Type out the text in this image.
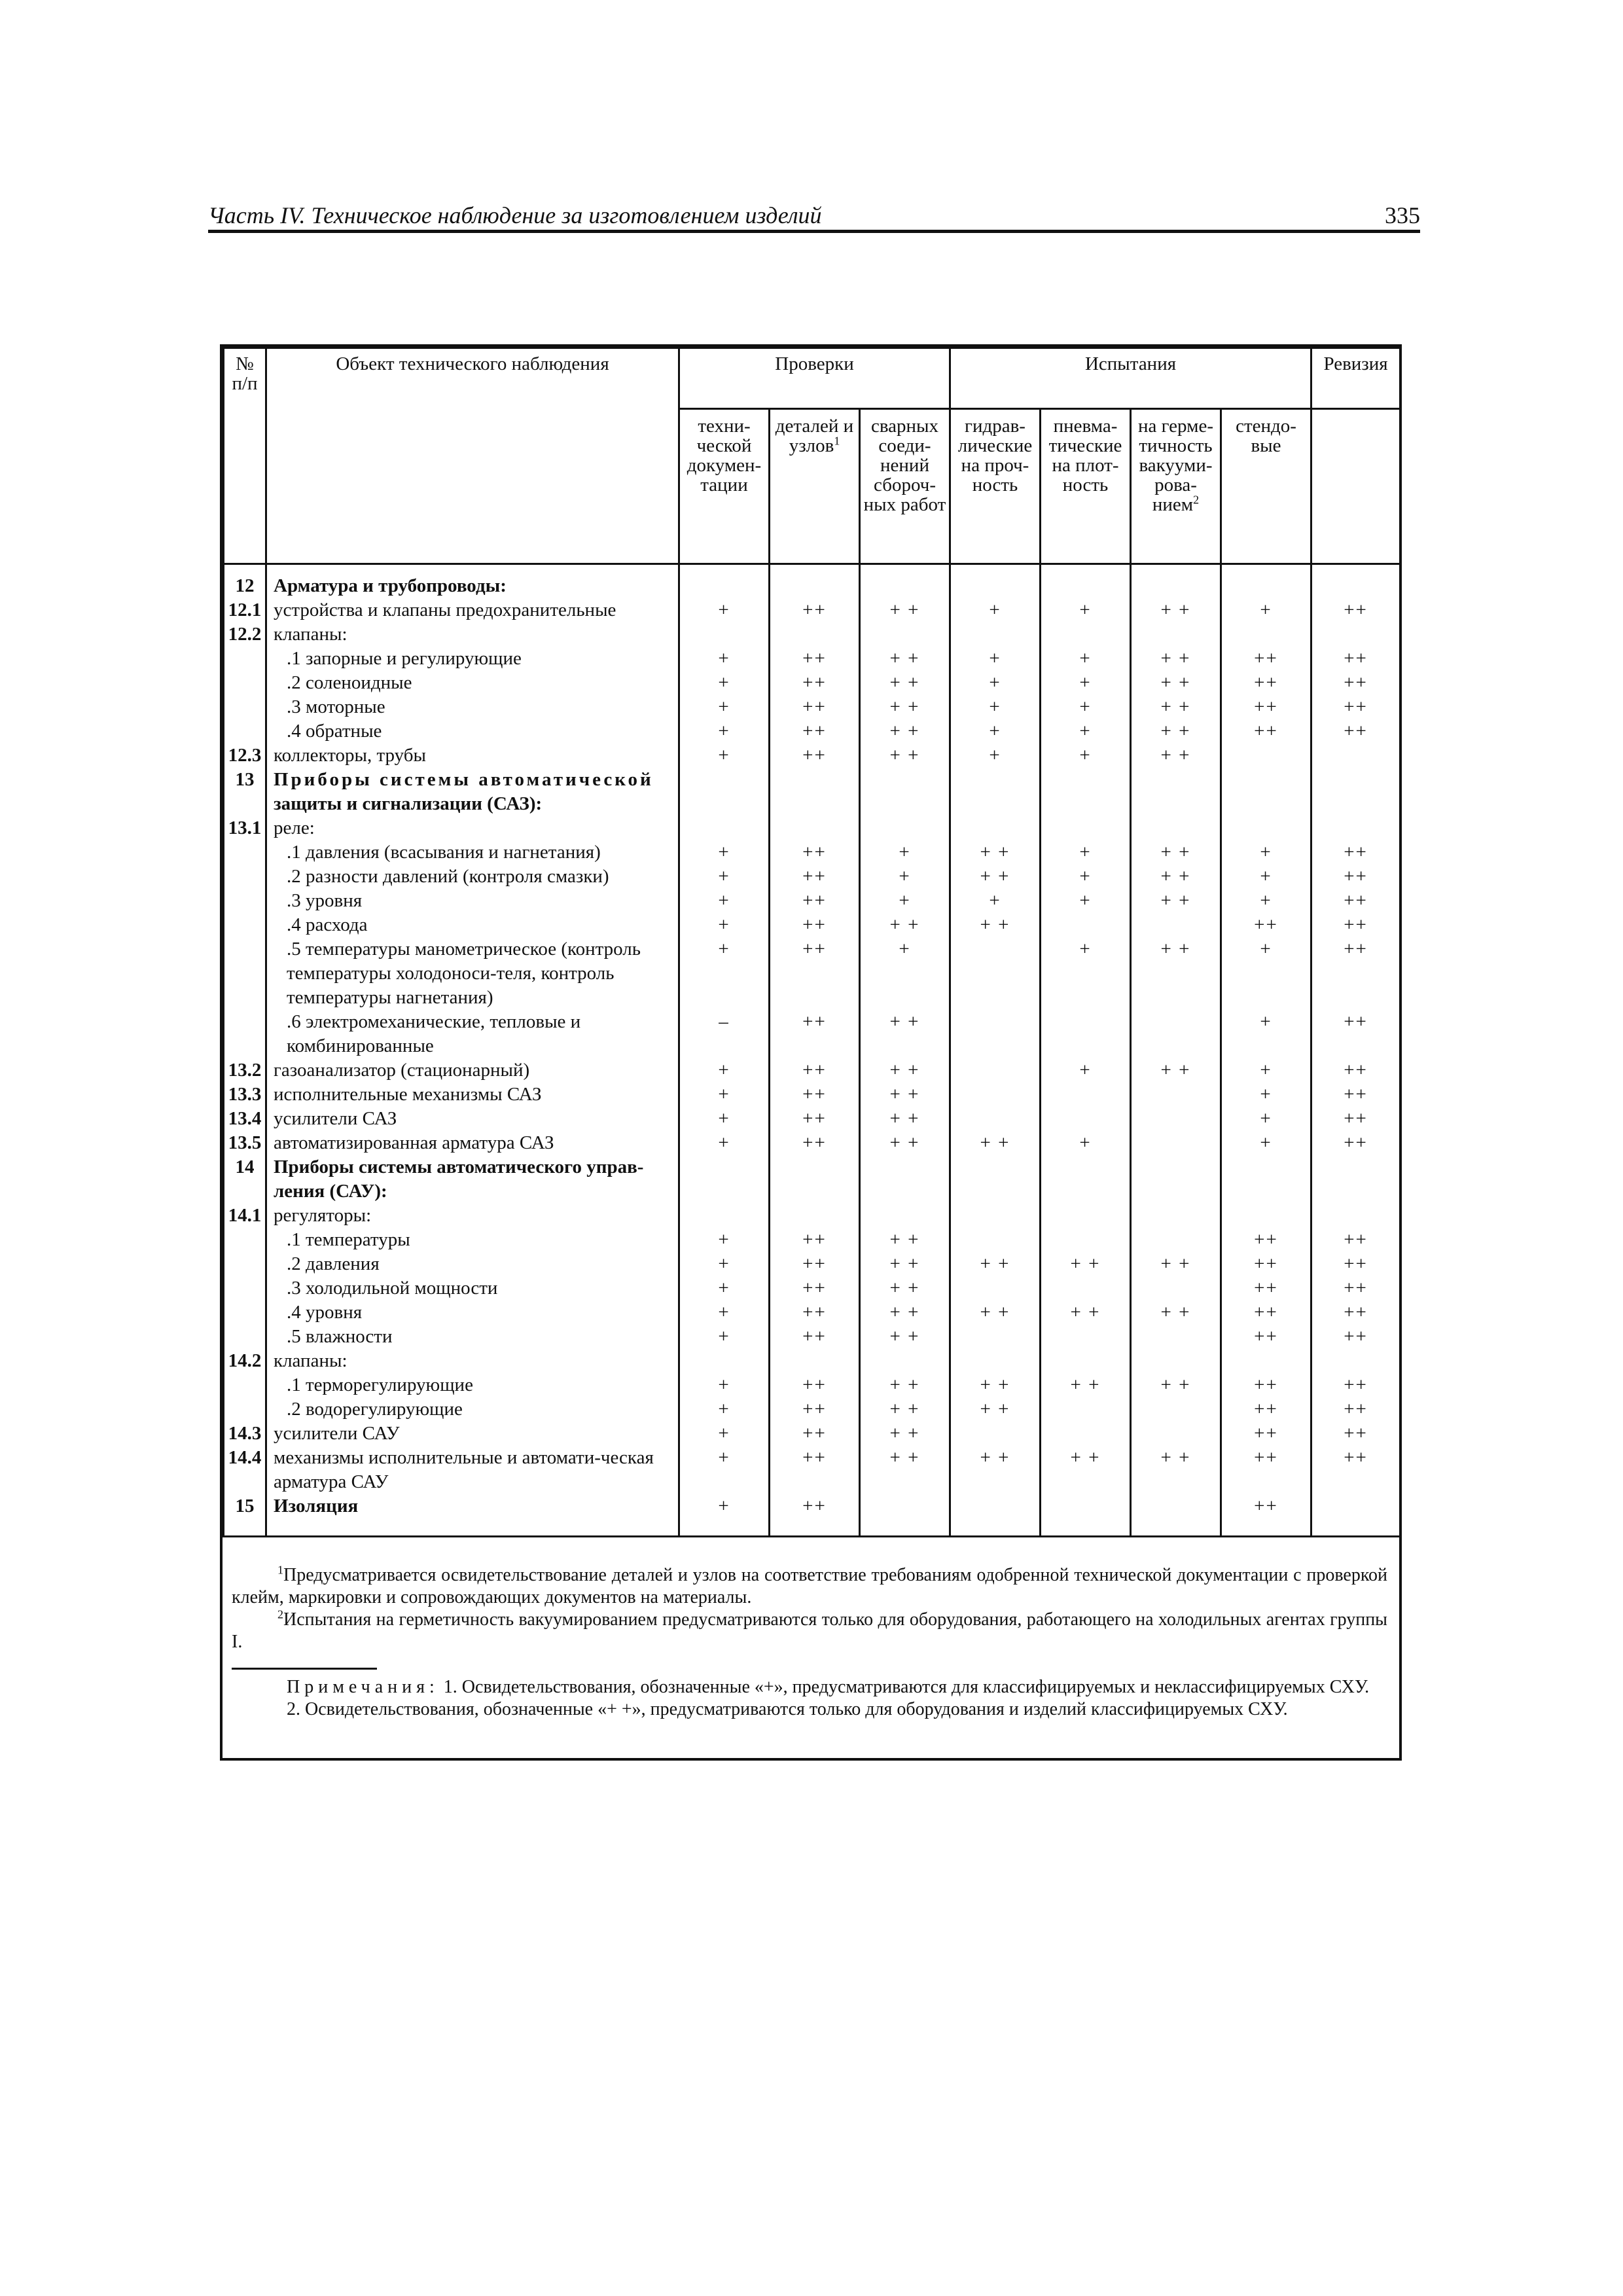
Часть IV. Техническое наблюдение за изготовлением изделий	335
№ п/п	Объект технического наблюдения	Проверки			Испытания				Ревизия
		техни-ческой докумен-тации	деталей и узлов$^1$	сварных соеди-нений сбороч-ных работ	гидрав-лические на проч-ность	пневма-тические на плот-ность	на герме-тичность вакууми-рова-нием$^2$	стендо-вые	
12	Арматура и трубопроводы:								
12.1	устройства и клапаны предохранительные	+	++	+ +	+	+	+ +	+	++
12.2	клапаны:								
	.1 запорные и регулирующие	+	++	+ +	+	+	+ +	++	++
	.2 соленоидные	+	++	+ +	+	+	+ +	++	++
	.3 моторные	+	++	+ +	+	+	+ +	++	++
	.4 обратные	+	++	+ +	+	+	+ +	++	++
12.3	коллекторы, трубы	+	++	+ +	+	+	+ +		
13	Приборы системы автоматической
защиты и сигнализации (САЗ):								
13.1	реле:								
	.1 давления (всасывания и нагнетания)	+	++	+	+ +	+	+ +	+	++
	.2 разности давлений (контроля смазки)	+	++	+	+ +	+	+ +	+	++
	.3 уровня	+	++	+	+	+	+ +	+	++
	.4 расхода	+	++	+ +	+ +			++	++
	.5 температуры манометрическое (контроль температуры холодоноси-теля, контроль температуры нагнетания)	+	++	+		+	+ +	+	++
	.6 электромеханические, тепловые и комбинированные	–	++	+ +				+	++
13.2	газоанализатор (стационарный)	+	++	+ +		+	+ +	+	++
13.3	исполнительные механизмы САЗ	+	++	+ +				+	++
13.4	усилители САЗ	+	++	+ +				+	++
13.5	автоматизированная арматура САЗ	+	++	+ +	+ +	+		+	++
14	Приборы системы автоматического управ-ления (САУ):								
14.1	регуляторы:								
	.1 температуры	+	++	+ +				++	++
	.2 давления	+	++	+ +	+ +	+ +	+ +	++	++
	.3 холодильной мощности	+	++	+ +				++	++
	.4 уровня	+	++	+ +	+ +	+ +	+ +	++	++
	.5 влажности	+	++	+ +				++	++
14.2	клапаны:								
	.1 терморегулирующие	+	++	+ +	+ +	+ +	+ +	++	++
	.2 водорегулирующие	+	++	+ +	+ +			++	++
14.3	усилители САУ	+	++	+ +				++	++
14.4	механизмы исполнительные и автомати-ческая арматура САУ	+	++	+ +	+ +	+ +	+ +	++	++
15	Изоляция	+	++					++	

$^1$Предусматривается освидетельствование деталей и узлов на соответствие требованиям одобренной технической документации с проверкой клейм, маркировки и сопровождающих документов на материалы.

$^2$Испытания на герметичность вакуумированием предусматриваются только для оборудования, работающего на холодильных агентах группы I.

Примечания: 1. Освидетельствования, обозначенные «+», предусматриваются для классифицируемых и неклассифицируемых СХУ.

2. Освидетельствования, обозначенные «+ +», предусматриваются только для оборудования и изделий классифицируемых СХУ.
